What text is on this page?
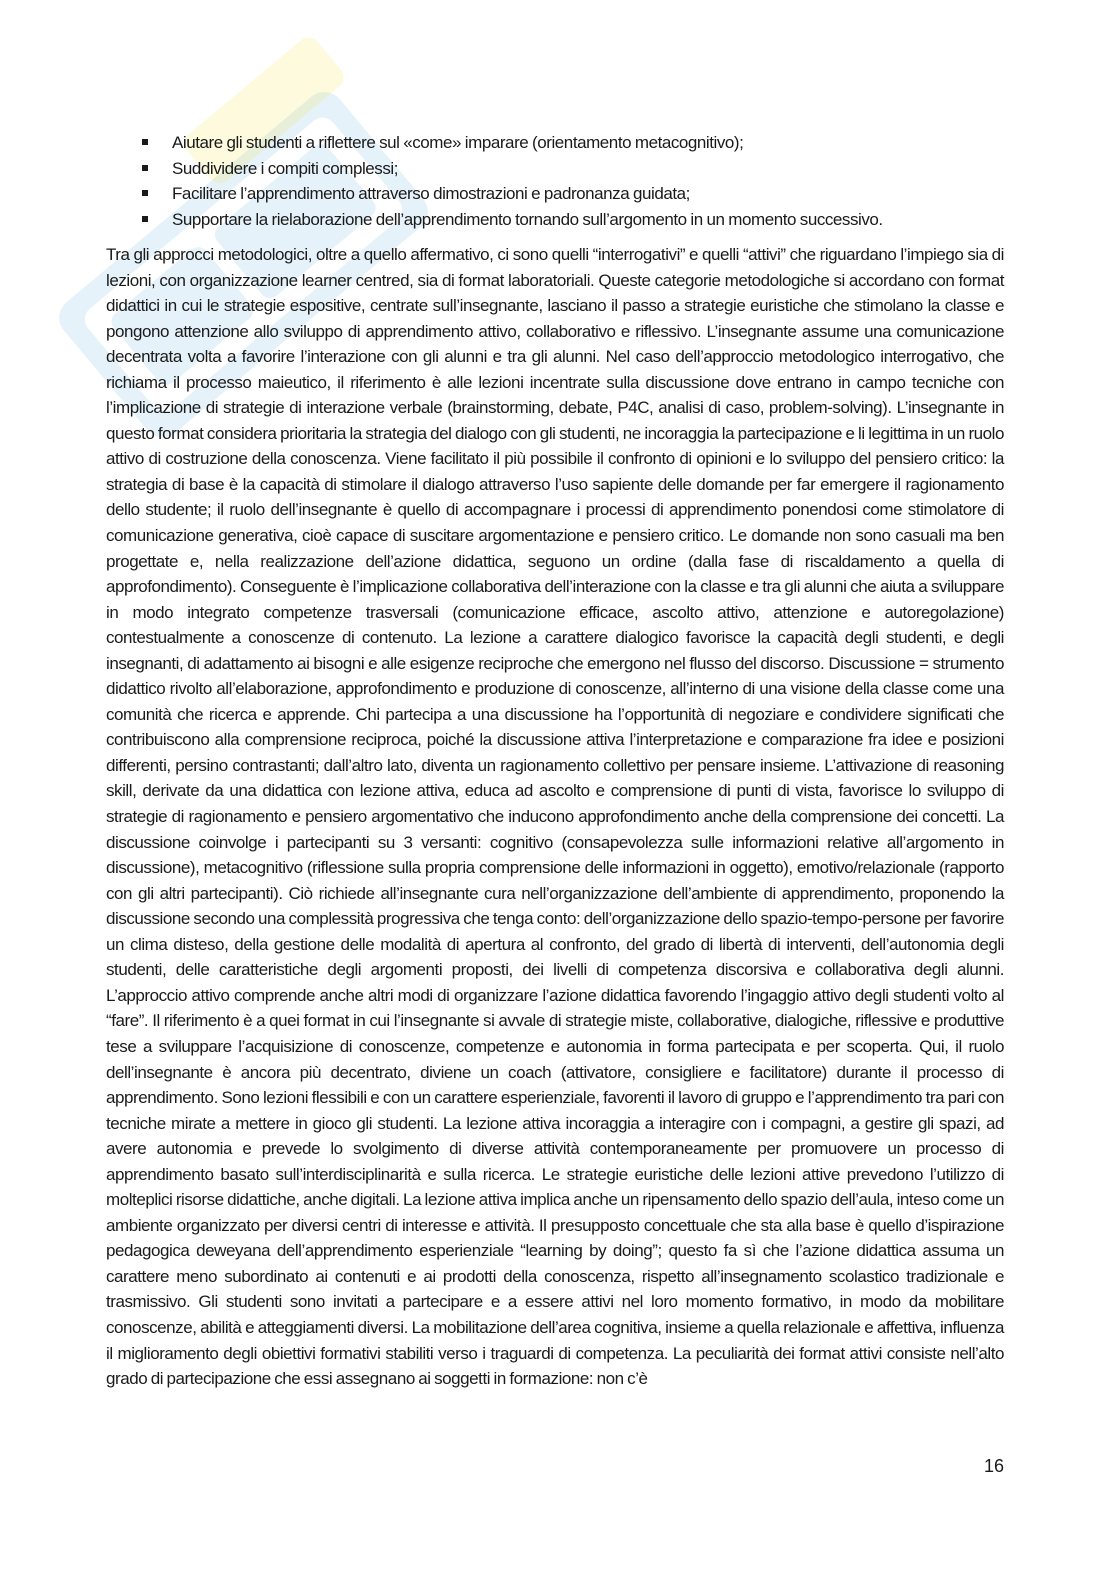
Aiutare gli studenti a riflettere sul «come» imparare (orientamento metacognitivo);
Suddividere i compiti complessi;
Facilitare l’apprendimento attraverso dimostrazioni e padronanza guidata;
Supportare la rielaborazione dell’apprendimento tornando sull’argomento in un momento successivo.

Tra gli approcci metodologici, oltre a quello affermativo, ci sono quelli “interrogativi” e quelli “attivi” che riguardano l’impiego sia di lezioni, con organizzazione learner centred, sia di format laboratoriali. Queste categorie metodologiche si accordano con format didattici in cui le strategie espositive, centrate sull’insegnante, lasciano il passo a strategie euristiche che stimolano la classe e pongono attenzione allo sviluppo di apprendimento attivo, collaborativo e riflessivo. L’insegnante assume una comunicazione decentrata volta a favorire l’interazione con gli alunni e tra gli alunni. Nel caso dell’approccio metodologico interrogativo, che richiama il processo maieutico, il riferimento è alle lezioni incentrate sulla discussione dove entrano in campo tecniche con l’implicazione di strategie di interazione verbale (brainstorming, debate, P4C, analisi di caso, problem-solving). L’insegnante in questo format considera prioritaria la strategia del dialogo con gli studenti, ne incoraggia la partecipazione e li legittima in un ruolo attivo di costruzione della conoscenza. Viene facilitato il più possibile il confronto di opinioni e lo sviluppo del pensiero critico: la strategia di base è la capacità di stimolare il dialogo attraverso l’uso sapiente delle domande per far emergere il ragionamento dello studente; il ruolo dell’insegnante è quello di accompagnare i processi di apprendimento ponendosi come stimolatore di comunicazione generativa, cioè capace di suscitare argomentazione e pensiero critico. Le domande non sono casuali ma ben progettate e, nella realizzazione dell’azione didattica, seguono un ordine (dalla fase di riscaldamento a quella di approfondimento). Conseguente è l’implicazione collaborativa dell’interazione con la classe e tra gli alunni che aiuta a sviluppare in modo integrato competenze trasversali (comunicazione efficace, ascolto attivo, attenzione e autoregolazione) contestualmente a conoscenze di contenuto. La lezione a carattere dialogico favorisce la capacità degli studenti, e degli insegnanti, di adattamento ai bisogni e alle esigenze reciproche che emergono nel flusso del discorso. Discussione = strumento didattico rivolto all’elaborazione, approfondimento e produzione di conoscenze, all’interno di una visione della classe come una comunità che ricerca e apprende. Chi partecipa a una discussione ha l’opportunità di negoziare e condividere significati che contribuiscono alla comprensione reciproca, poiché la discussione attiva l’interpretazione e comparazione fra idee e posizioni differenti, persino contrastanti; dall’altro lato, diventa un ragionamento collettivo per pensare insieme. L’attivazione di reasoning skill, derivate da una didattica con lezione attiva, educa ad ascolto e comprensione di punti di vista, favorisce lo sviluppo di strategie di ragionamento e pensiero argomentativo che inducono approfondimento anche della comprensione dei concetti. La discussione coinvolge i partecipanti su 3 versanti: cognitivo (consapevolezza sulle informazioni relative all’argomento in discussione), metacognitivo (riflessione sulla propria comprensione delle informazioni in oggetto), emotivo/relazionale (rapporto con gli altri partecipanti). Ciò richiede all’insegnante cura nell’organizzazione dell’ambiente di apprendimento, proponendo la discussione secondo una complessità progressiva che tenga conto: dell’organizzazione dello spazio-tempo-persone per favorire un clima disteso, della gestione delle modalità di apertura al confronto, del grado di libertà di interventi, dell’autonomia degli studenti, delle caratteristiche degli argomenti proposti, dei livelli di competenza discorsiva e collaborativa degli alunni. L’approccio attivo comprende anche altri modi di organizzare l’azione didattica favorendo l’ingaggio attivo degli studenti volto al “fare”. Il riferimento è a quei format in cui l’insegnante si avvale di strategie miste, collaborative, dialogiche, riflessive e produttive tese a sviluppare l’acquisizione di conoscenze, competenze e autonomia in forma partecipata e per scoperta. Qui, il ruolo dell’insegnante è ancora più decentrato, diviene un coach (attivatore, consigliere e facilitatore) durante il processo di apprendimento. Sono lezioni flessibili e con un carattere esperienziale, favorenti il lavoro di gruppo e l’apprendimento tra pari con tecniche mirate a mettere in gioco gli studenti. La lezione attiva incoraggia a interagire con i compagni, a gestire gli spazi, ad avere autonomia e prevede lo svolgimento di diverse attività contemporaneamente per promuovere un processo di apprendimento basato sull’interdisciplinarità e sulla ricerca. Le strategie euristiche delle lezioni attive prevedono l’utilizzo di molteplici risorse didattiche, anche digitali. La lezione attiva implica anche un ripensamento dello spazio dell’aula, inteso come un ambiente organizzato per diversi centri di interesse e attività. Il presupposto concettuale che sta alla base è quello d’ispirazione pedagogica deweyana dell’apprendimento esperienziale “learning by doing”; questo fa sì che l’azione didattica assuma un carattere meno subordinato ai contenuti e ai prodotti della conoscenza, rispetto all’insegnamento scolastico tradizionale e trasmissivo. Gli studenti sono invitati a partecipare e a essere attivi nel loro momento formativo, in modo da mobilitare conoscenze, abilità e atteggiamenti diversi. La mobilitazione dell’area cognitiva, insieme a quella relazionale e affettiva, influenza il miglioramento degli obiettivi formativi stabiliti verso i traguardi di competenza. La peculiarità dei format attivi consiste nell’alto grado di partecipazione che essi assegnano ai soggetti in formazione: non c’è

16
